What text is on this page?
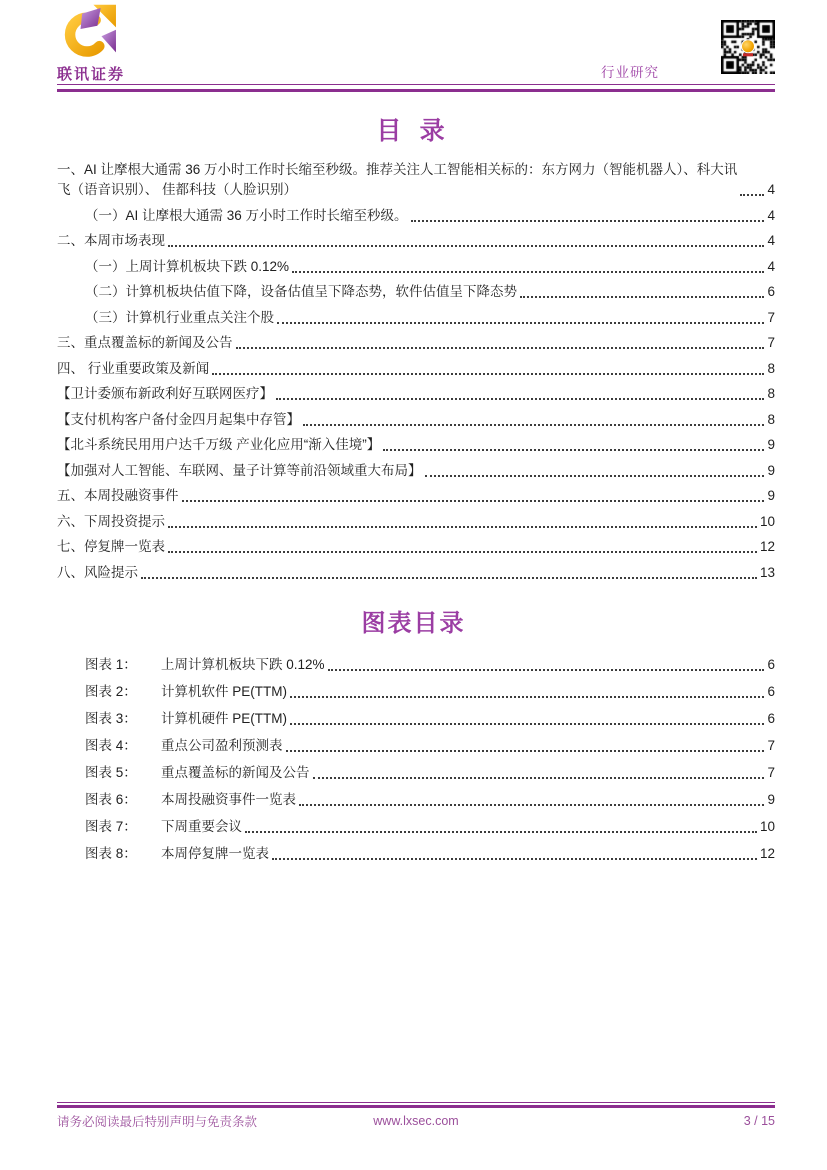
联讯证券	行业研究
目 录
一、AI 让摩根大通需 36 万小时工作时长缩至秒级。推荐关注人工智能相关标的：东方网力（智能机器人）、科大讯飞（语音识别）、 佳都科技（人脸识别）	4
（一）AI 让摩根大通需 36 万小时工作时长缩至秒级。	4
二、本周市场表现	4
（一）上周计算机板块下跌 0.12%	4
（二）计算机板块估值下降，设备估值呈下降态势，软件估值呈下降态势	6
（三）计算机行业重点关注个股	7
三、重点覆盖标的新闻及公告	7
四、 行业重要政策及新闻	8
【卫计委颁布新政利好互联网医疗】	8
【支付机构客户备付金四月起集中存管】	8
【北斗系统民用用户达千万级 产业化应用“渐入佳境”】	9
【加强对人工智能、车联网、量子计算等前沿领域重大布局】	9
五、本周投融资事件	9
六、下周投资提示	10
七、停复牌一览表	12
八、风险提示	13
图表目录
图表 1：	上周计算机板块下跌 0.12%	6
图表 2：	计算机软件 PE(TTM)	6
图表 3：	计算机硬件 PE(TTM)	6
图表 4：	重点公司盈利预测表	7
图表 5：	重点覆盖标的新闻及公告	7
图表 6：	本周投融资事件一览表	9
图表 7：	下周重要会议	10
图表 8：	本周停复牌一览表	12
请务必阅读最后特别声明与免责条款	www.lxsec.com	3 / 15
